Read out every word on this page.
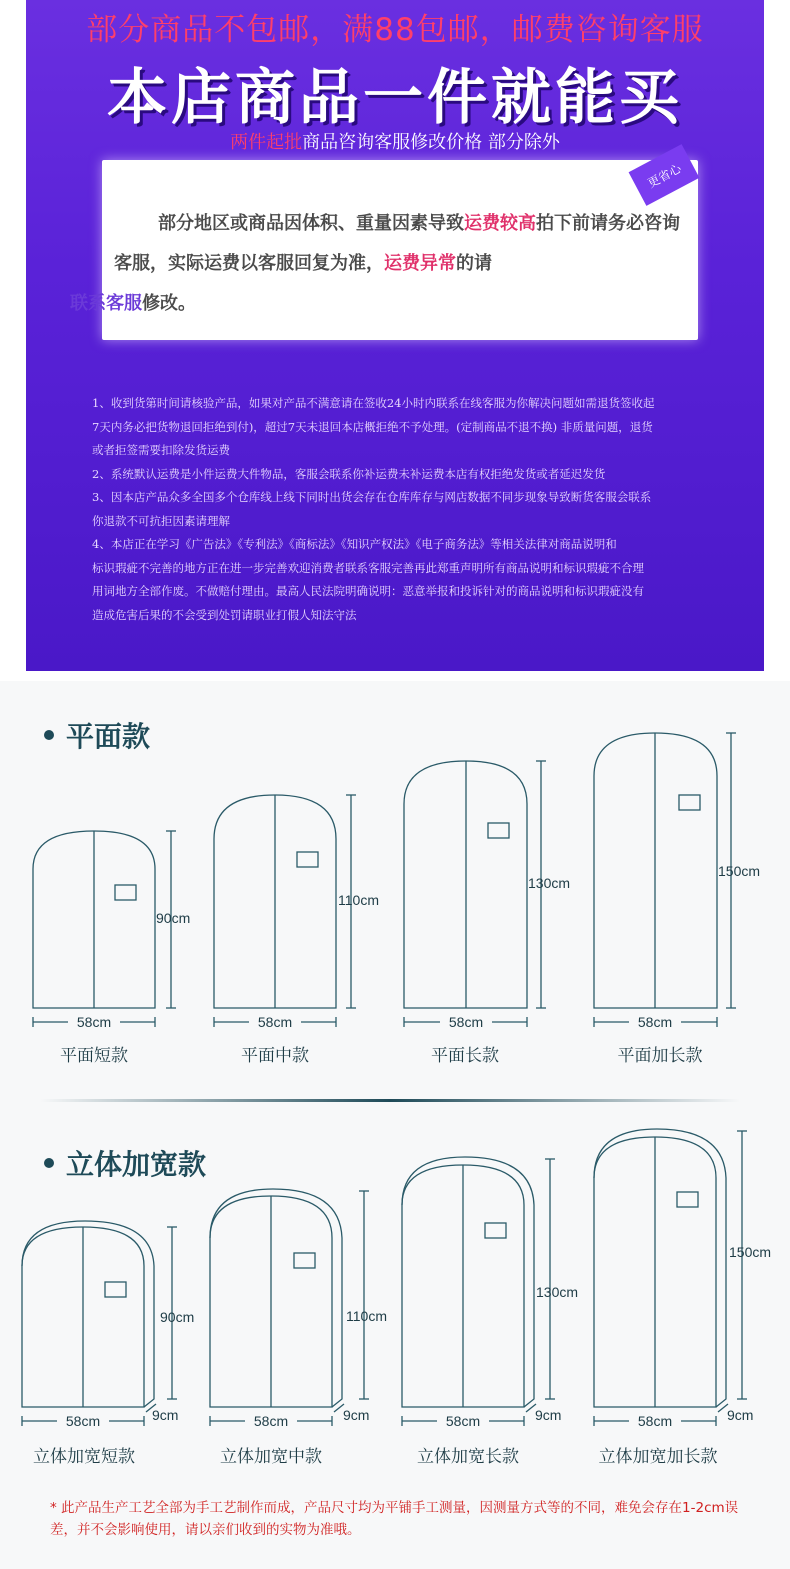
部分商品不包邮，满88包邮，邮费咨询客服
本店商品一件就能买
两件起批商品咨询客服修改价格 部分除外
更省心
部分地区或商品因体积、重量因素导致运费较高拍下前请务必咨询客服，实际运费以客服回复为准，运费异常的请
联系客服修改。

1、收到货第时间请核验产品，如果对产品不满意请在签收24小时内联系在线客服为你解决问题如需退货签收起

7天内务必把货物退回拒绝到付)，超过7天未退回本店概拒绝不予处理。(定制商品不退不换) 非质量问题，退货

或者拒签需要扣除发货运费

2、系统默认运费是小件运费大件物品，客服会联系你补运费未补运费本店有权拒绝发货或者延迟发货

3、因本店产品众多全国多个仓库线上线下同时出货会存在仓库库存与网店数据不同步现象导致断货客服会联系

你退款不可抗拒因素请理解

4、本店正在学习《广告法》《专利法》《商标法》《知识产权法》《电子商务法》等相关法律对商品说明和

标识瑕疵不完善的地方正在进一步完善欢迎消费者联系客服完善再此郑重声明所有商品说明和标识瑕疵不合理

用词地方全部作废。不做赔付理由。最高人民法院明确说明：恶意举报和投诉针对的商品说明和标识瑕疵没有

造成危害后果的不会受到处罚请职业打假人知法守法

平面款
立体加宽款
58cm
90cm
58cm
110cm
58cm
130cm
58cm
150cm
58cm	9cm
90cm
58cm	9cm
110cm
58cm	9cm
130cm
58cm	9cm
150cm
平面短款	平面中款	平面长款	平面加长款
立体加宽短款	立体加宽中款	立体加宽长款	立体加宽加长款
* 此产品生产工艺全部为手工艺制作而成，产品尺寸均为平铺手工测量，因测量方式等的不同，难免会存在1-2cm误差，并不会影响使用，请以亲们收到的实物为准哦。
